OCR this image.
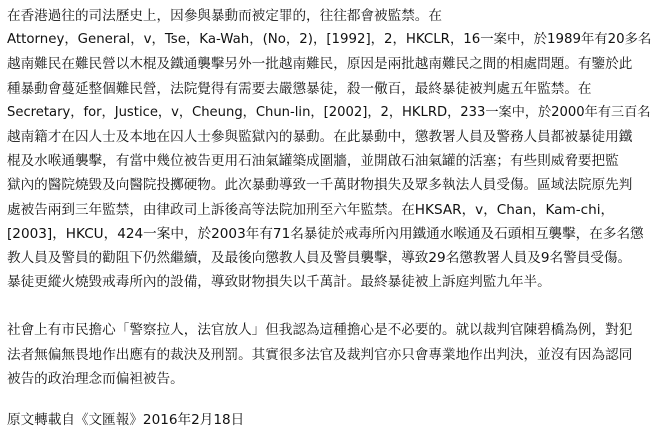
在香港過往的司法歷史上，因參與暴動而被定罪的，往往都會被監禁。在
Attorney，General，v，Tse，Ka-Wah，(No，2)，[1992]，2，HKCLR，16一案中，於1989年有20多名
越南難民在難民營以木棍及鐵通襲擊另外一批越南難民，原因是兩批越南難民之間的相處問題。有鑒於此
種暴動會蔓延整個難民營，法院覺得有需要去嚴懲暴徒，殺一儆百，最終暴徒被判處五年監禁。在
Secretary，for，Justice，v，Cheung，Chun-lin，[2002]，2，HKLRD，233一案中，於2000年有三百名
越南籍才在囚人士及本地在囚人士參與監獄內的暴動。在此暴動中，懲教署人員及警務人員都被暴徒用鐵
棍及水喉通襲擊，有當中幾位被告更用石油氣罐築成圍牆，並開啟石油氣罐的活塞；有些則威脅要把監
獄內的醫院燒毀及向醫院投擲硬物。此次暴動導致一千萬財物損失及眾多執法人員受傷。區域法院原先判
處被告兩到三年監禁，由律政司上訴後高等法院加刑至六年監禁。在HKSAR，v，Chan，Kam-chi，
[2003]，HKCU，424一案中，於2003年有71名暴徒於戒毒所內用鐵通水喉通及石頭相互襲擊，在多名懲
教人員及警員的勸阻下仍然繼續，及最後向懲教人員及警員襲擊，導致29名懲教署人員及9名警員受傷。
暴徒更縱火燒毀戒毒所內的設備，導致財物損失以千萬計。最終暴徒被上訴庭判監九年半。

社會上有市民擔心「警察拉人，法官放人」但我認為這種擔心是不必要的。就以裁判官陳碧橋為例，對犯
法者無偏無畏地作出應有的裁決及刑罰。其實很多法官及裁判官亦只會專業地作出判決，並沒有因為認同
被告的政治理念而偏袒被告。

原文轉載自《文匯報》2016年2月18日
